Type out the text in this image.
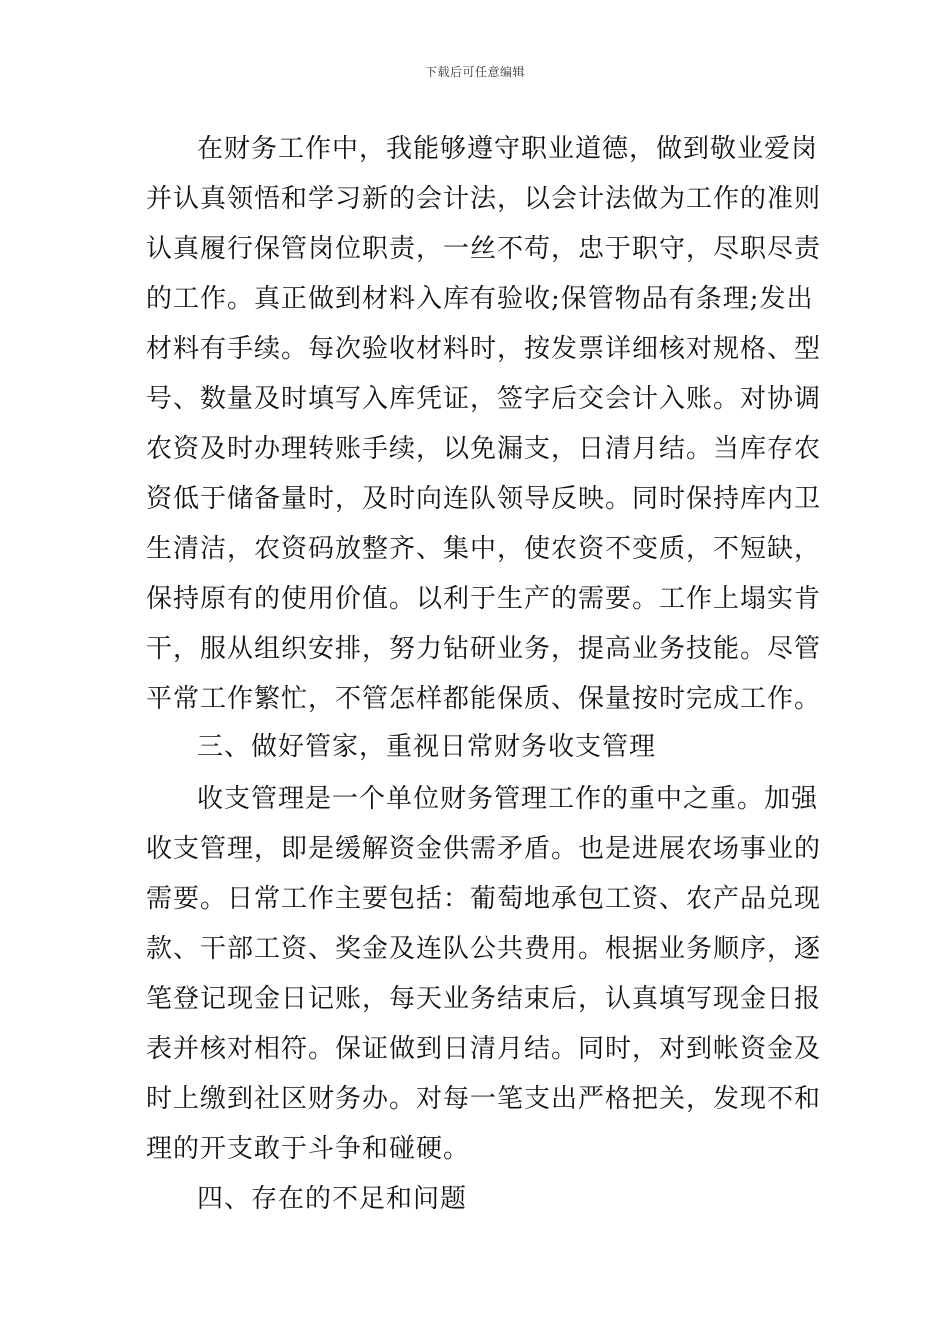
下载后可任意编辑
在财务工作中，我能够遵守职业道德，做到敬业爱岗
并认真领悟和学习新的会计法，以会计法做为工作的准则
认真履行保管岗位职责，一丝不苟，忠于职守，尽职尽责
的工作。真正做到材料入库有验收;保管物品有条理;发出
材料有手续。每次验收材料时，按发票详细核对规格、型
号、数量及时填写入库凭证，签字后交会计入账。对协调
农资及时办理转账手续，以免漏支，日清月结。当库存农
资低于储备量时，及时向连队领导反映。同时保持库内卫
生清洁，农资码放整齐、集中，使农资不变质，不短缺，
保持原有的使用价值。以利于生产的需要。工作上塌实肯
干，服从组织安排，努力钻研业务，提高业务技能。尽管
平常工作繁忙，不管怎样都能保质、保量按时完成工作。
三、做好管家，重视日常财务收支管理
收支管理是一个单位财务管理工作的重中之重。加强
收支管理，即是缓解资金供需矛盾。也是进展农场事业的
需要。日常工作主要包括：葡萄地承包工资、农产品兑现
款、干部工资、奖金及连队公共费用。根据业务顺序，逐
笔登记现金日记账，每天业务结束后，认真填写现金日报
表并核对相符。保证做到日清月结。同时，对到帐资金及
时上缴到社区财务办。对每一笔支出严格把关，发现不和
理的开支敢于斗争和碰硬。
四、存在的不足和问题
